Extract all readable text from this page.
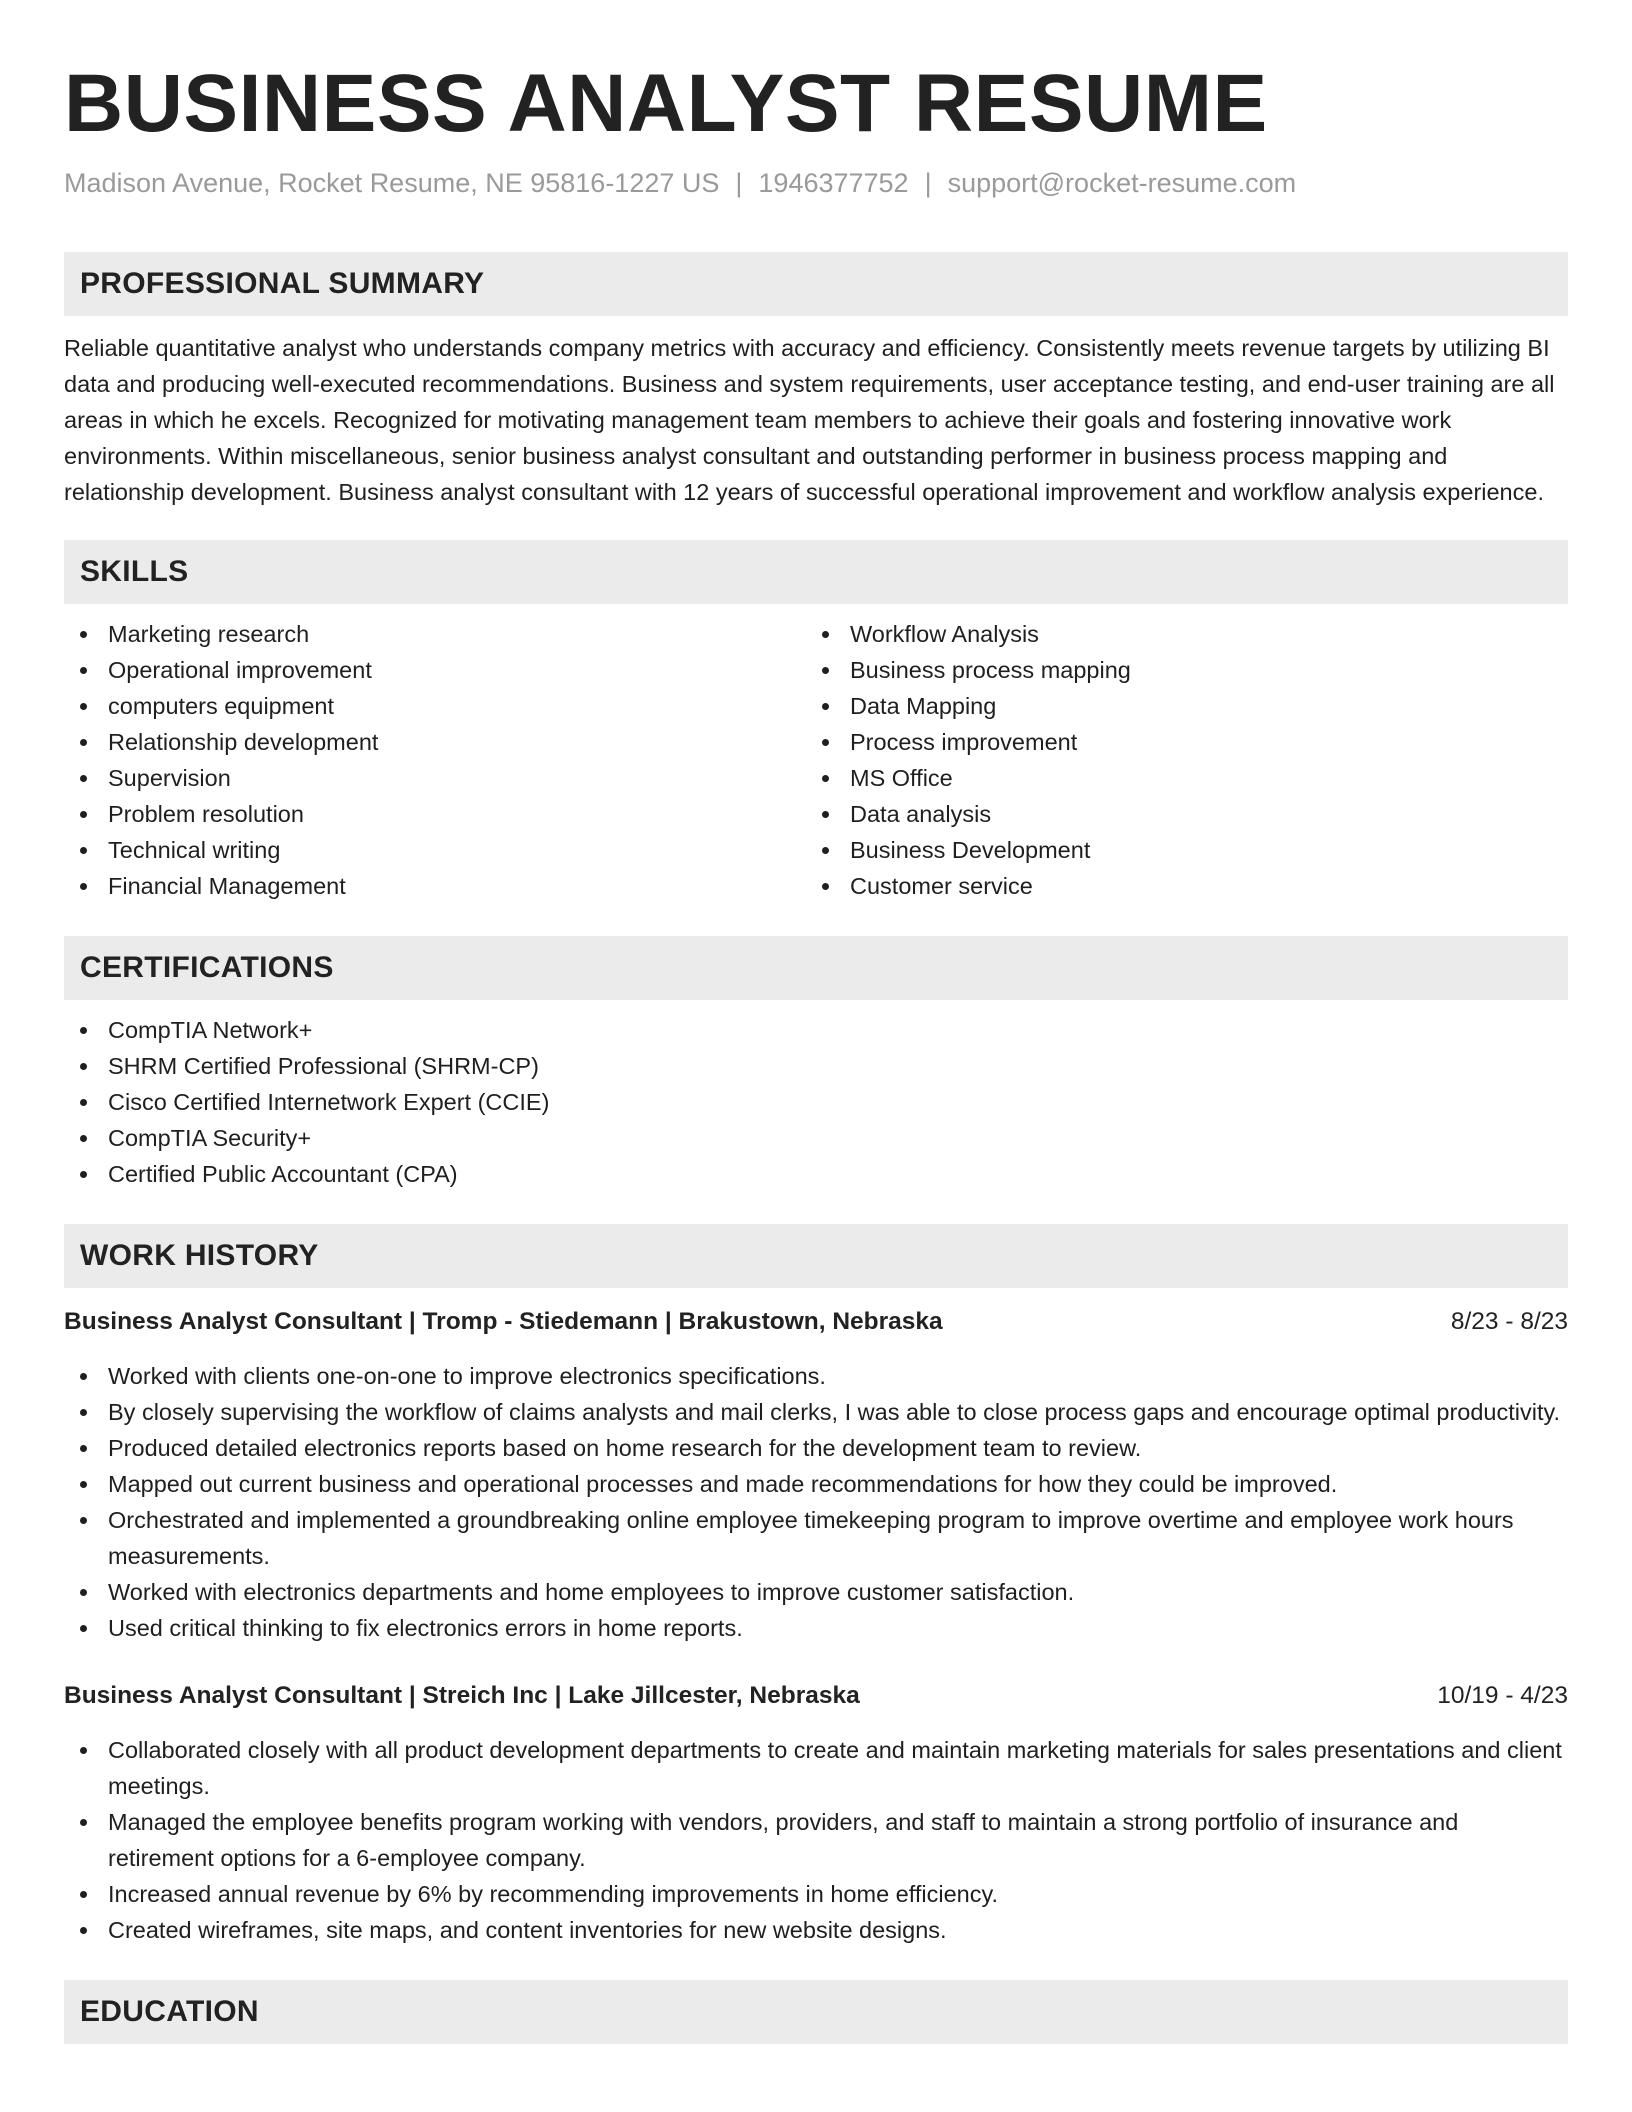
BUSINESS ANALYST RESUME
Madison Avenue, Rocket Resume, NE 95816-1227 US | 1946377752 | support@rocket-resume.com
PROFESSIONAL SUMMARY

Reliable quantitative analyst who understands company metrics with accuracy and efficiency. Consistently meets revenue targets by utilizing BI data and producing well-executed recommendations. Business and system requirements, user acceptance testing, and end-user training are all areas in which he excels. Recognized for motivating management team members to achieve their goals and fostering innovative work environments. Within miscellaneous, senior business analyst consultant and outstanding performer in business process mapping and relationship development. Business analyst consultant with 12 years of successful operational improvement and workflow analysis experience.

SKILLS
Marketing research
Operational improvement
computers equipment
Relationship development
Supervision
Problem resolution
Technical writing
Financial Management
Workflow Analysis
Business process mapping
Data Mapping
Process improvement
MS Office
Data analysis
Business Development
Customer service
CERTIFICATIONS
CompTIA Network+
SHRM Certified Professional (SHRM-CP)
Cisco Certified Internetwork Expert (CCIE)
CompTIA Security+
Certified Public Accountant (CPA)
WORK HISTORY
Business Analyst Consultant | Tromp - Stiedemann | Brakustown, Nebraska	8/23 - 8/23
Worked with clients one-on-one to improve electronics specifications.
By closely supervising the workflow of claims analysts and mail clerks, I was able to close process gaps and encourage optimal productivity.
Produced detailed electronics reports based on home research for the development team to review.
Mapped out current business and operational processes and made recommendations for how they could be improved.
Orchestrated and implemented a groundbreaking online employee timekeeping program to improve overtime and employee work hours measurements.
Worked with electronics departments and home employees to improve customer satisfaction.
Used critical thinking to fix electronics errors in home reports.
Business Analyst Consultant | Streich Inc | Lake Jillcester, Nebraska	10/19 - 4/23
Collaborated closely with all product development departments to create and maintain marketing materials for sales presentations and client meetings.
Managed the employee benefits program working with vendors, providers, and staff to maintain a strong portfolio of insurance and retirement options for a 6-employee company.
Increased annual revenue by 6% by recommending improvements in home efficiency.
Created wireframes, site maps, and content inventories for new website designs.
EDUCATION
